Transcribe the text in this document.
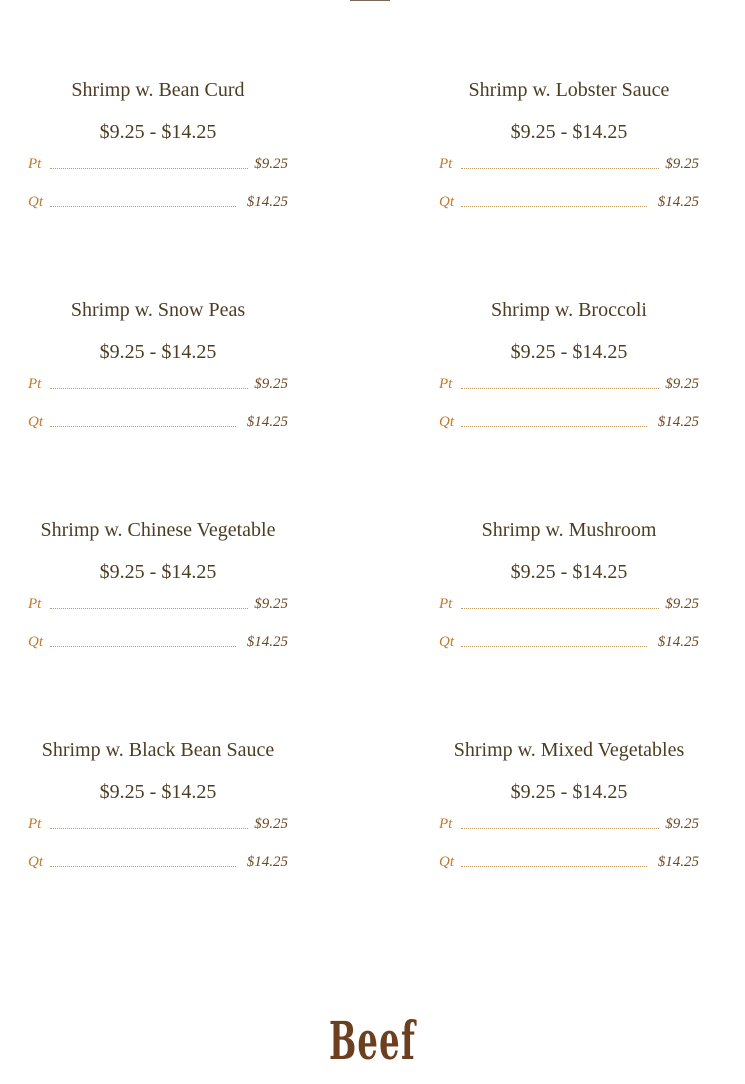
Shrimp w. Bean Curd
$9.25 - $14.25
Pt	$9.25
Qt	$14.25
Shrimp w. Lobster Sauce
$9.25 - $14.25
Pt	$9.25
Qt	$14.25
Shrimp w. Snow Peas
$9.25 - $14.25
Pt	$9.25
Qt	$14.25
Shrimp w. Broccoli
$9.25 - $14.25
Pt	$9.25
Qt	$14.25
Shrimp w. Chinese Vegetable
$9.25 - $14.25
Pt	$9.25
Qt	$14.25
Shrimp w. Mushroom
$9.25 - $14.25
Pt	$9.25
Qt	$14.25
Shrimp w. Black Bean Sauce
$9.25 - $14.25
Pt	$9.25
Qt	$14.25
Shrimp w. Mixed Vegetables
$9.25 - $14.25
Pt	$9.25
Qt	$14.25
Beef
